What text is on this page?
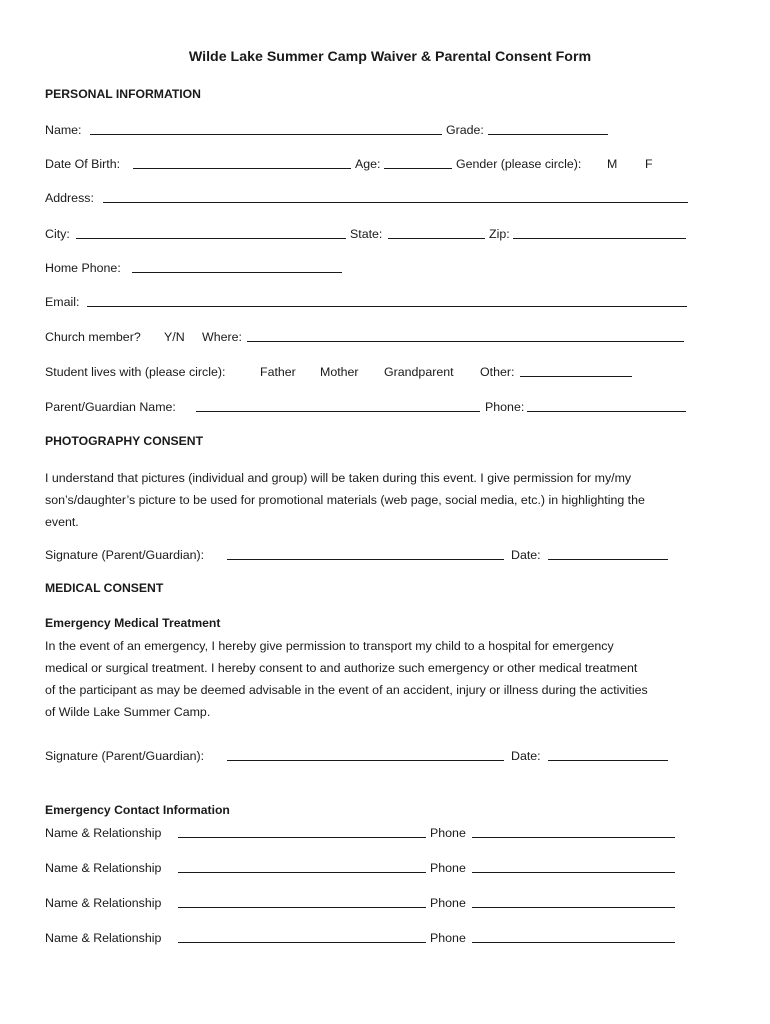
Wilde Lake Summer Camp Waiver & Parental Consent Form
PERSONAL INFORMATION
Name:	Grade:
Date Of Birth:	Age:	Gender (please circle): M F
Address:
City:	State:	Zip:
Home Phone:
Email:
Church member? Y/N Where:
Student lives with (please circle):	Father Mother Grandparent Other:
Parent/Guardian Name:	Phone:
PHOTOGRAPHY CONSENT
I understand that pictures (individual and group) will be taken during this event. I give permission for my/my
son’s/daughter’s picture to be used for promotional materials (web page, social media, etc.) in highlighting the
event.
Signature (Parent/Guardian):	Date:
MEDICAL CONSENT
Emergency Medical Treatment
In the event of an emergency, I hereby give permission to transport my child to a hospital for emergency
medical or surgical treatment. I hereby consent to and authorize such emergency or other medical treatment
of the participant as may be deemed advisable in the event of an accident, injury or illness during the activities
of Wilde Lake Summer Camp.
Signature (Parent/Guardian):	Date:
Emergency Contact Information
Name & Relationship	Phone
Name & Relationship	Phone
Name & Relationship	Phone
Name & Relationship	Phone
